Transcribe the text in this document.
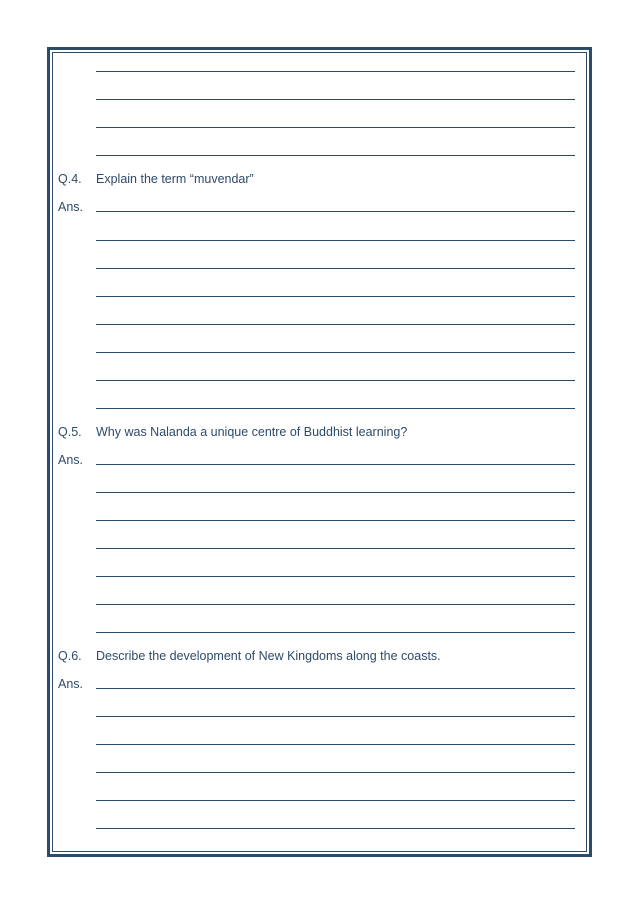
Q.4. Explain the term “muvendar”
Ans.
Q.5. Why was Nalanda a unique centre of Buddhist learning?
Ans.
Q.6. Describe the development of New Kingdoms along the coasts.
Ans.
